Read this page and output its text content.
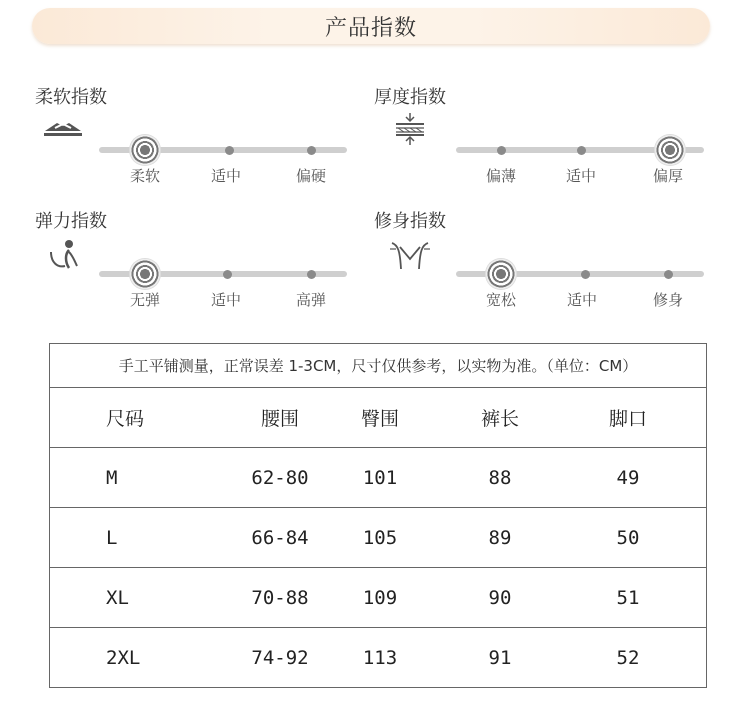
产品指数
柔软指数
柔软	适中	偏硬
厚度指数
偏薄	适中	偏厚
弹力指数
无弹	适中	高弹
修身指数
宽松	适中	修身
手工平铺测量，正常误差 1-3CM，尺寸仅供参考，以实物为准。（单位：CM）
尺码	腰围	臀围	裤长	脚口
M	62-80	101	88	49
L	66-84	105	89	50
XL	70-88	109	90	51
2XL	74-92	113	91	52
